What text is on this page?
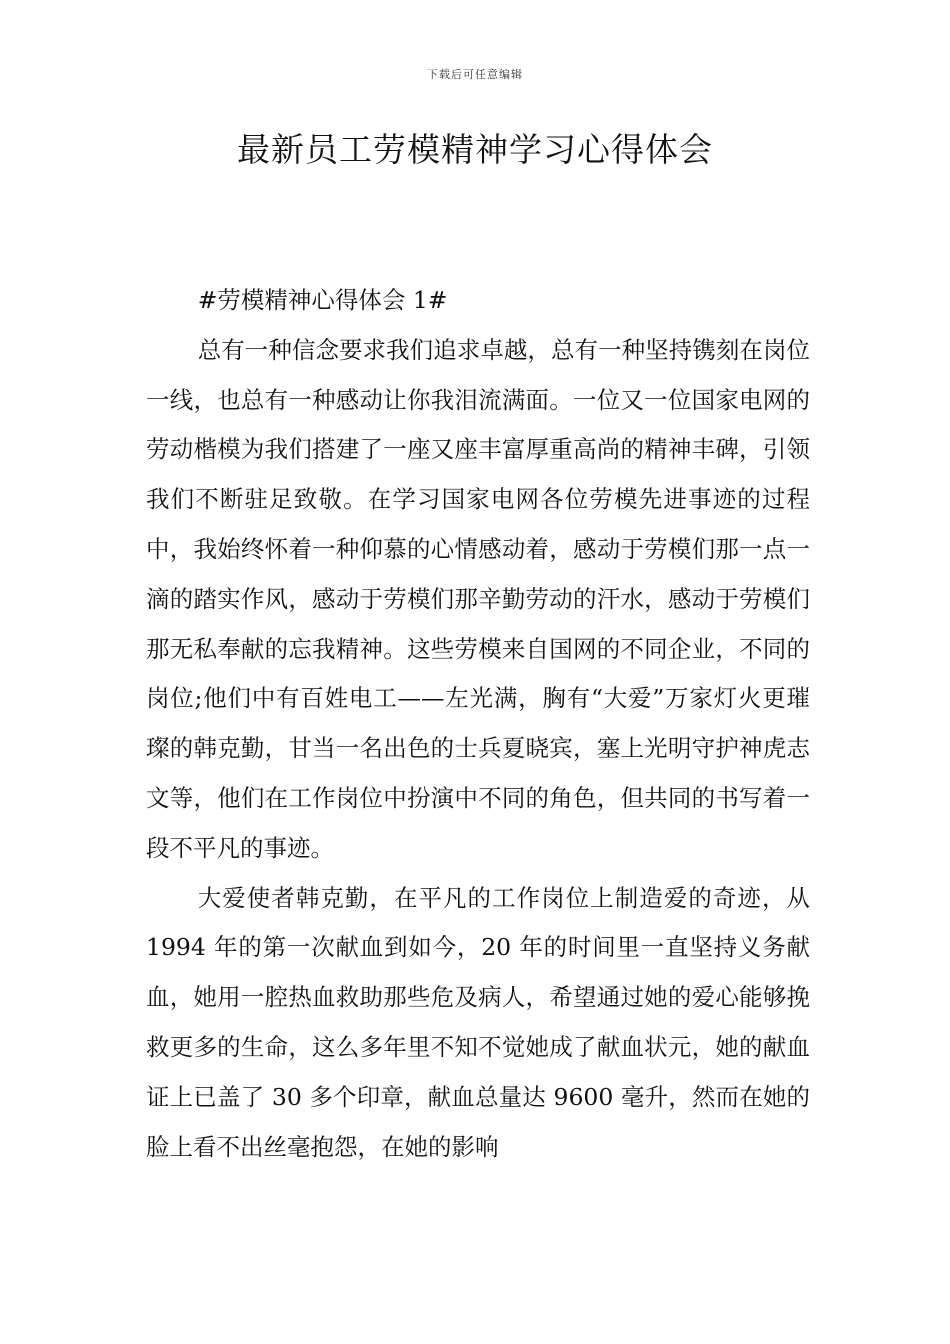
下载后可任意编辑
最新员工劳模精神学习心得体会

#劳模精神心得体会 1#

总有一种信念要求我们追求卓越，总有一种坚持镌刻在岗位一线，也总有一种感动让你我泪流满面。一位又一位国家电网的劳动楷模为我们搭建了一座又座丰富厚重高尚的精神丰碑，引领我们不断驻足致敬。在学习国家电网各位劳模先进事迹的过程中，我始终怀着一种仰慕的心情感动着，感动于劳模们那一点一滴的踏实作风，感动于劳模们那辛勤劳动的汗水，感动于劳模们那无私奉献的忘我精神。这些劳模来自国网的不同企业，不同的岗位;他们中有百姓电工——左光满，胸有“大爱”万家灯火更璀璨的韩克勤，甘当一名出色的士兵夏晓宾，塞上光明守护神虎志文等，他们在工作岗位中扮演中不同的角色，但共同的书写着一段不平凡的事迹。

大爱使者韩克勤，在平凡的工作岗位上制造爱的奇迹，从 1994 年的第一次献血到如今，20 年的时间里一直坚持义务献血，她用一腔热血救助那些危及病人，希望通过她的爱心能够挽救更多的生命，这么多年里不知不觉她成了献血状元，她的献血证上已盖了 30 多个印章，献血总量达 9600 毫升，然而在她的脸上看不出丝毫抱怨，在她的影响
